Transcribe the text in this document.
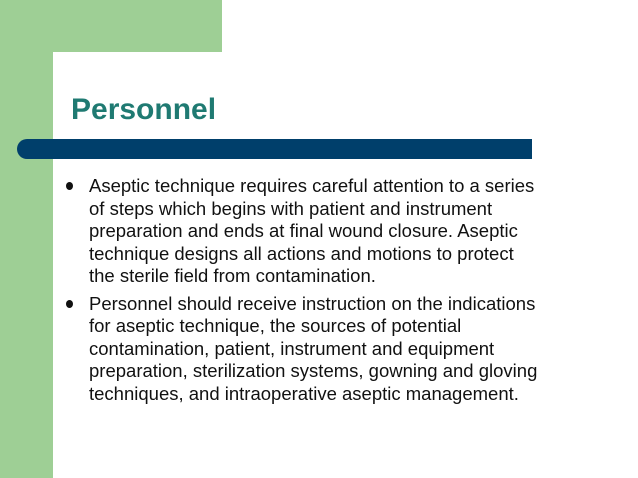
Personnel
Aseptic technique requires careful attention to a series
of steps which begins with patient and instrument
preparation and ends at final wound closure. Aseptic
technique designs all actions and motions to protect
the sterile field from contamination.
Personnel should receive instruction on the indications
for aseptic technique, the sources of potential
contamination, patient, instrument and equipment
preparation, sterilization systems, gowning and gloving
techniques, and intraoperative aseptic management.
